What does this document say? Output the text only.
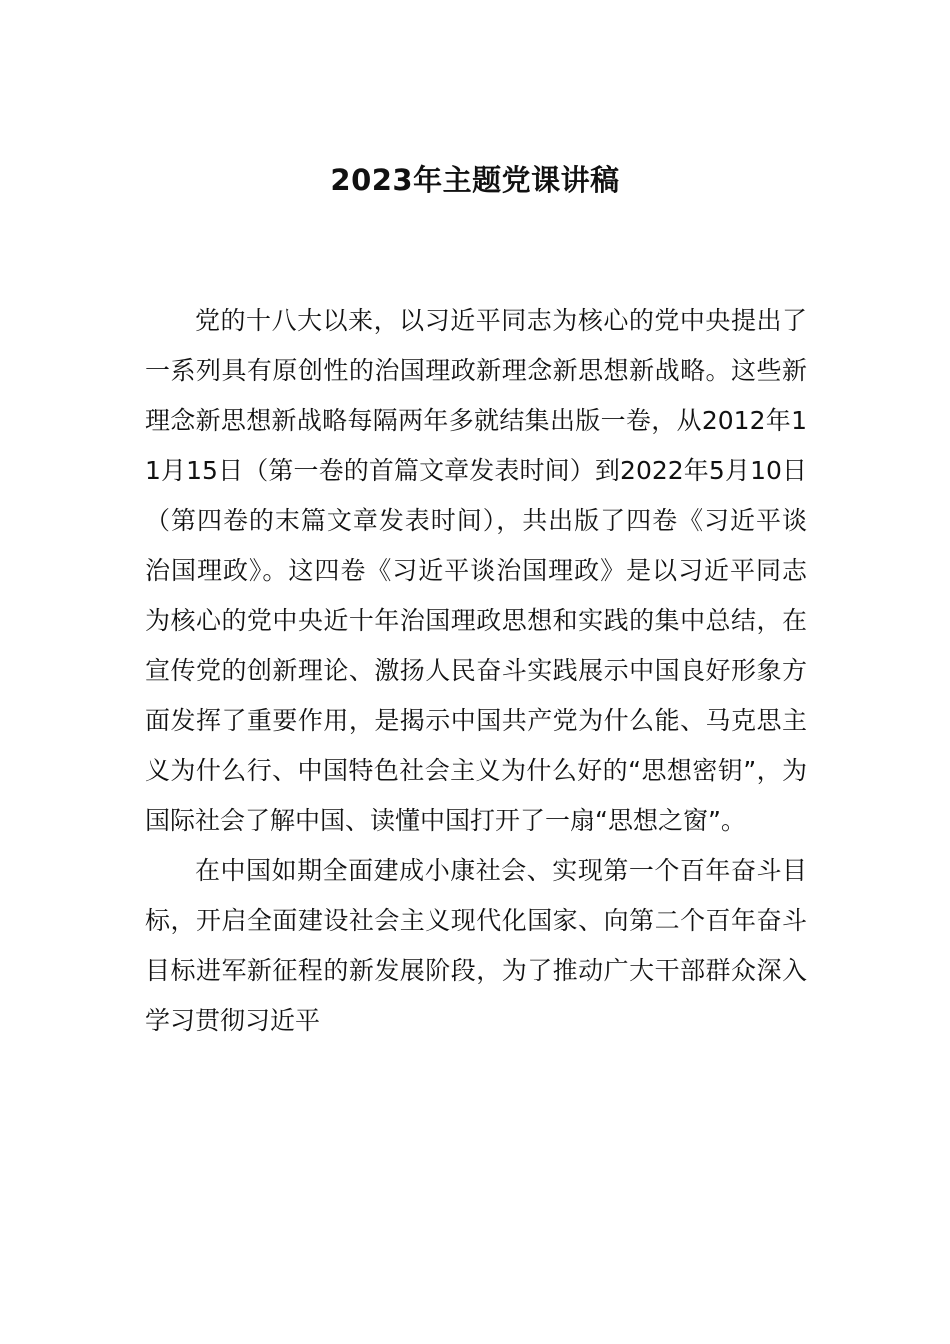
2023年主题党课讲稿

党的十八大以来，以习近平同志为核心的党中央提出了一系列具有原创性的治国理政新理念新思想新战略。这些新理念新思想新战略每隔两年多就结集出版一卷，从2012年11月15日（第一卷的首篇文章发表时间）到2022年5月10日（第四卷的末篇文章发表时间），共出版了四卷《习近平谈治国理政》。这四卷《习近平谈治国理政》是以习近平同志为核心的党中央近十年治国理政思想和实践的集中总结，在宣传党的创新理论、激扬人民奋斗实践展示中国良好形象方面发挥了重要作用，是揭示中国共产党为什么能、马克思主义为什么行、中国特色社会主义为什么好的“思想密钥”，为国际社会了解中国、读懂中国打开了一扇“思想之窗”。

在中国如期全面建成小康社会、实现第一个百年奋斗目标，开启全面建设社会主义现代化国家、向第二个百年奋斗目标进军新征程的新发展阶段，为了推动广大干部群众深入学习贯彻习近平
